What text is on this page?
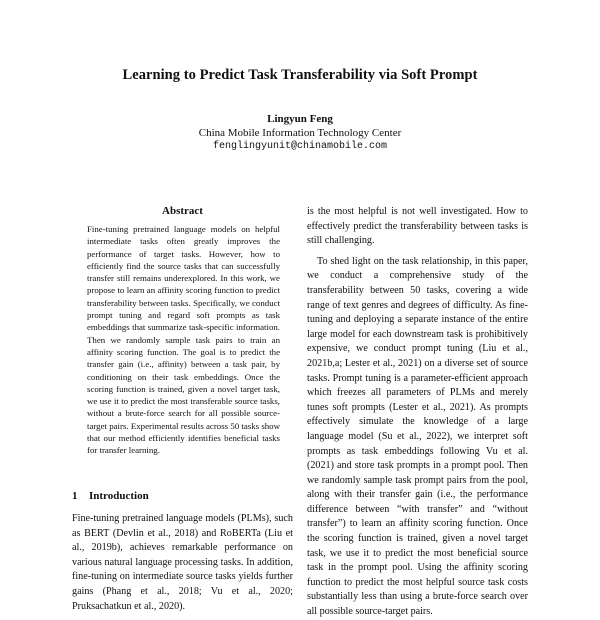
Learning to Predict Task Transferability via Soft Prompt
Lingyun Feng
China Mobile Information Technology Center
fenglingyunit@chinamobile.com
Abstract
Fine-tuning pretrained language models on helpful intermediate tasks often greatly improves the performance of target tasks. However, how to efficiently find the source tasks that can successfully transfer still remains underexplored. In this work, we propose to learn an affinity scoring function to predict transferability between tasks. Specifically, we conduct prompt tuning and regard soft prompts as task embeddings that summarize task-specific information. Then we randomly sample task pairs to train an affinity scoring function. The goal is to predict the transfer gain (i.e., affinity) between a task pair, by conditioning on their task embeddings. Once the scoring function is trained, given a novel target task, we use it to predict the most transferable source tasks, without a brute-force search for all possible source-target pairs. Experimental results across 50 tasks show that our method efficiently identifies beneficial tasks for transfer learning.
1 Introduction

Fine-tuning pretrained language models (PLMs), such as BERT (Devlin et al., 2018) and RoBERTa (Liu et al., 2019b), achieves remarkable performance on various natural language processing tasks. In addition, fine-tuning on intermediate source tasks yields further gains (Phang et al., 2018; Vu et al., 2020; Pruksachatkun et al., 2020).

is the most helpful is not well investigated. How to effectively predict the transferability between tasks is still challenging.

To shed light on the task relationship, in this paper, we conduct a comprehensive study of the transferability between 50 tasks, covering a wide range of text genres and degrees of difficulty. As fine-tuning and deploying a separate instance of the entire large model for each downstream task is prohibitively expensive, we conduct prompt tuning (Liu et al., 2021b,a; Lester et al., 2021) on a diverse set of source tasks. Prompt tuning is a parameter-efficient approach which freezes all parameters of PLMs and merely tunes soft prompts (Lester et al., 2021). As prompts effectively simulate the knowledge of a large language model (Su et al., 2022), we interpret soft prompts as task embeddings following Vu et al. (2021) and store task prompts in a prompt pool. Then we randomly sample task prompt pairs from the pool, along with their transfer gain (i.e., the performance difference between “with transfer” and “without transfer”) to learn an affinity scoring function. Once the scoring function is trained, given a novel target task, we use it to predict the most beneficial source task in the prompt pool. Using the affinity scoring function to predict the most helpful source task costs substantially less than using a brute-force search over all possible source-target pairs.
